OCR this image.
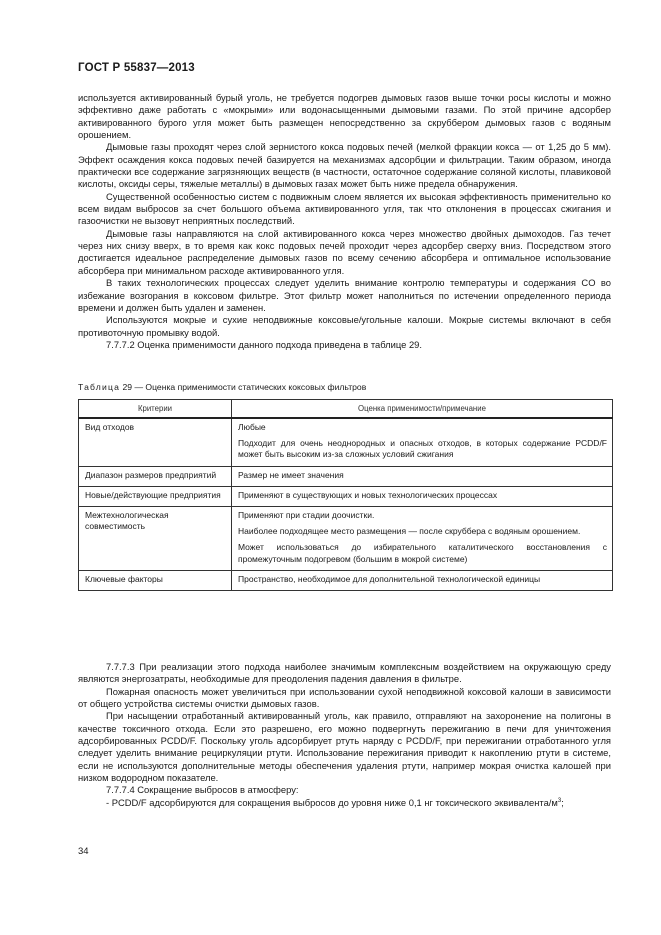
ГОСТ Р 55837—2013

используется активированный бурый уголь, не требуется подогрев дымовых газов выше точки росы кислоты и можно эффективно даже работать с «мокрыми» или водонасыщенными дымовыми газами. По этой причине адсорбер активированного бурого угля может быть размещен непосредственно за скруббером дымовых газов с водяным орошением.

Дымовые газы проходят через слой зернистого кокса подовых печей (мелкой фракции кокса — от 1,25 до 5 мм). Эффект осаждения кокса подовых печей базируется на механизмах адсорбции и фильтрации. Таким образом, иногда практически все содержание загрязняющих веществ (в частности, остаточное содержание соляной кислоты, плавиковой кислоты, оксиды серы, тяжелые металлы) в дымовых газах может быть ниже предела обнаружения.

Существенной особенностью систем с подвижным слоем является их высокая эффективность применительно ко всем видам выбросов за счет большого объема активированного угля, так что отклонения в процессах сжигания и газоочистки не вызовут неприятных последствий.

Дымовые газы направляются на слой активированного кокса через множество двойных дымоходов. Газ течет через них снизу вверх, в то время как кокс подовых печей проходит через адсорбер сверху вниз. Посредством этого достигается идеальное распределение дымовых газов по всему сечению абсорбера и оптимальное использование абсорбера при минимальном расходе активированного угля.

В таких технологических процессах следует уделить внимание контролю температуры и содержания CO во избежание возгорания в коксовом фильтре. Этот фильтр может наполниться по истечении определенного периода времени и должен быть удален и заменен.

Используются мокрые и сухие неподвижные коксовые/угольные калоши. Мокрые системы включают в себя противоточную промывку водой.

7.7.7.2 Оценка применимости данного подхода приведена в таблице 29.

Таблица 29 — Оценка применимости статических коксовых фильтров
Критерии	Оценка применимости/примечание
Вид отходов	Любые
Подходит для очень неоднородных и опасных отходов, в которых содержание PCDD/F может быть высоким из-за сложных условий сжигания

Диапазон размеров предприятий	Размер не имеет значения

Новые/действующие предприятия	Применяют в существующих и новых технологических процессах

Межтехнологическая совместимость	Применяют при стадии доочистки.
Наиболее подходящее место размещения — после скруббера с водяным орошением.
Может использоваться до избирательного каталитического восстановления с промежуточным подогревом (большим в мокрой системе)

Ключевые факторы	Пространство, необходимое для дополнительной технологической единицы

7.7.7.3 При реализации этого подхода наиболее значимым комплексным воздействием на окружающую среду являются энергозатраты, необходимые для преодоления падения давления в фильтре.

Пожарная опасность может увеличиться при использовании сухой неподвижной коксовой калоши в зависимости от общего устройства системы очистки дымовых газов.

При насыщении отработанный активированный уголь, как правило, отправляют на захоронение на полигоны в качестве токсичного отхода. Если это разрешено, его можно подвергнуть пережиганию в печи для уничтожения адсорбированных PCDD/F. Поскольку уголь адсорбирует ртуть наряду с PCDD/F, при пережигании отработанного угля следует уделить внимание рециркуляции ртути. Использование пережигания приводит к накоплению ртути в системе, если не используются дополнительные методы обеспечения удаления ртути, например мокрая очистка калошей при низком водородном показателе.

7.7.7.4 Сокращение выбросов в атмосферу:

- PCDD/F адсорбируются для сокращения выбросов до уровня ниже 0,1 нг токсического эквивалента/$м^3$;

34
